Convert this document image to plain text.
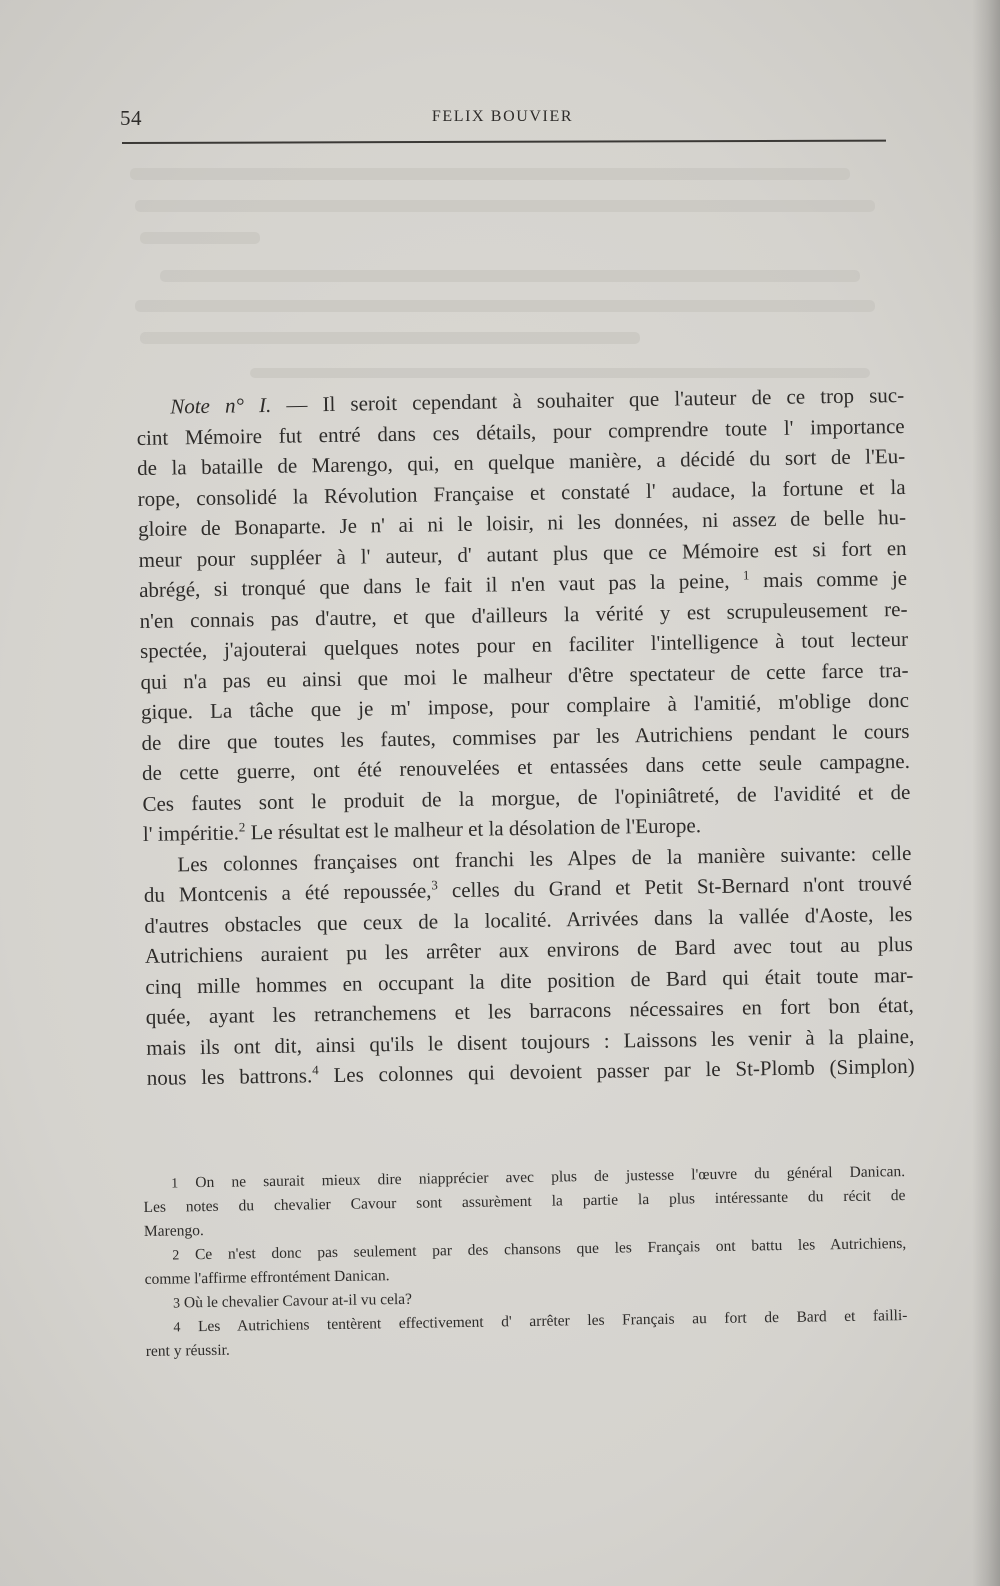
54	FELIX BOUVIER
Note n° I. — Il seroit cependant à souhaiter que l'auteur de ce trop suc-
cint Mémoire fut entré dans ces détails, pour comprendre toute l' importance
de la bataille de Marengo, qui, en quelque manière, a décidé du sort de l'Eu-
rope, consolidé la Révolution Française et constaté l' audace, la fortune et la
gloire de Bonaparte. Je n' ai ni le loisir, ni les données, ni assez de belle hu-
meur pour suppléer à l' auteur, d' autant plus que ce Mémoire est si fort en
abrégé, si tronqué que dans le fait il n'en vaut pas la peine, $^1$ mais comme je
n'en connais pas d'autre, et que d'ailleurs la vérité y est scrupuleusement re-
spectée, j'ajouterai quelques notes pour en faciliter l'intelligence à tout lecteur
qui n'a pas eu ainsi que moi le malheur d'être spectateur de cette farce tra-
gique. La tâche que je m' impose, pour complaire à l'amitié, m'oblige donc
de dire que toutes les fautes, commises par les Autrichiens pendant le cours
de cette guerre, ont été renouvelées et entassées dans cette seule campagne.
Ces fautes sont le produit de la morgue, de l'opiniâtreté, de l'avidité et de
l' impéritie.$^2$ Le résultat est le malheur et la désolation de l'Europe.
Les colonnes françaises ont franchi les Alpes de la manière suivante: celle
du Montcenis a été repoussée,$^3$ celles du Grand et Petit St-Bernard n'ont trouvé
d'autres obstacles que ceux de la localité. Arrivées dans la vallée d'Aoste, les
Autrichiens auraient pu les arrêter aux environs de Bard avec tout au plus
cinq mille hommes en occupant la dite position de Bard qui était toute mar-
quée, ayant les retranchemens et les barracons nécessaires en fort bon état,
mais ils ont dit, ainsi qu'ils le disent toujours : Laissons les venir à la plaine,
nous les battrons.$^4$ Les colonnes qui devoient passer par le St-Plomb (Simplon)
1 On ne saurait mieux dire niapprécier avec plus de justesse l'œuvre du général Danican.
Les notes du chevalier Cavour sont assurèment la partie la plus intéressante du récit de
Marengo.
2 Ce n'est donc pas seulement par des chansons que les Français ont battu les Autrichiens,
comme l'affirme effrontément Danican.
3 Où le chevalier Cavour at-il vu cela?
4 Les Autrichiens tentèrent effectivement d' arrêter les Français au fort de Bard et failli-
rent y réussir.
